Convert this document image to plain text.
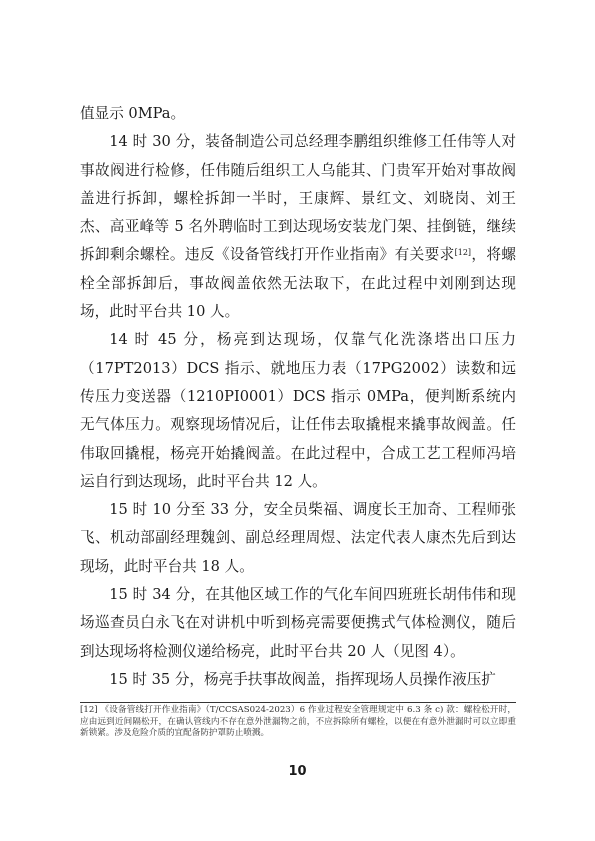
值显示 0MPa。

14 时 30 分，装备制造公司总经理李鹏组织维修工任伟等人对事故阀进行检修，任伟随后组织工人乌能其、门贵军开始对事故阀盖进行拆卸，螺栓拆卸一半时，王康辉、景红文、刘晓岗、刘王杰、高亚峰等 5 名外聘临时工到达现场安装龙门架、挂倒链，继续拆卸剩余螺栓。违反《设备管线打开作业指南》有关要求[12]，将螺栓全部拆卸后，事故阀盖依然无法取下，在此过程中刘刚到达现场，此时平台共 10 人。

14 时 45 分，杨亮到达现场，仅靠气化洗涤塔出口压力（17PT2013）DCS 指示、就地压力表（17PG2002）读数和远传压力变送器（1210PI0001）DCS 指示 0MPa，便判断系统内无气体压力。观察现场情况后，让任伟去取撬棍来撬事故阀盖。任伟取回撬棍，杨亮开始撬阀盖。在此过程中，合成工艺工程师冯培运自行到达现场，此时平台共 12 人。

15 时 10 分至 33 分，安全员柴福、调度长王加奇、工程师张飞、机动部副经理魏剑、副总经理周煜、法定代表人康杰先后到达现场，此时平台共 18 人。

15 时 34 分，在其他区域工作的气化车间四班班长胡伟伟和现场巡查员白永飞在对讲机中听到杨亮需要便携式气体检测仪，随后到达现场将检测仪递给杨亮，此时平台共 20 人（见图 4）。

15 时 35 分，杨亮手扶事故阀盖，指挥现场人员操作液压扩

[12] 《设备管线打开作业指南》（T/CCSAS024-2023）6 作业过程安全管理规定中 6.3 条 c) 款：螺栓松开时，应由远到近间隔松开，在确认管线内不存在意外泄漏物之前，不应拆除所有螺栓，以便在有意外泄漏时可以立即重新锁紧。涉及危险介质的宜配备防护罩防止喷溅。
10
